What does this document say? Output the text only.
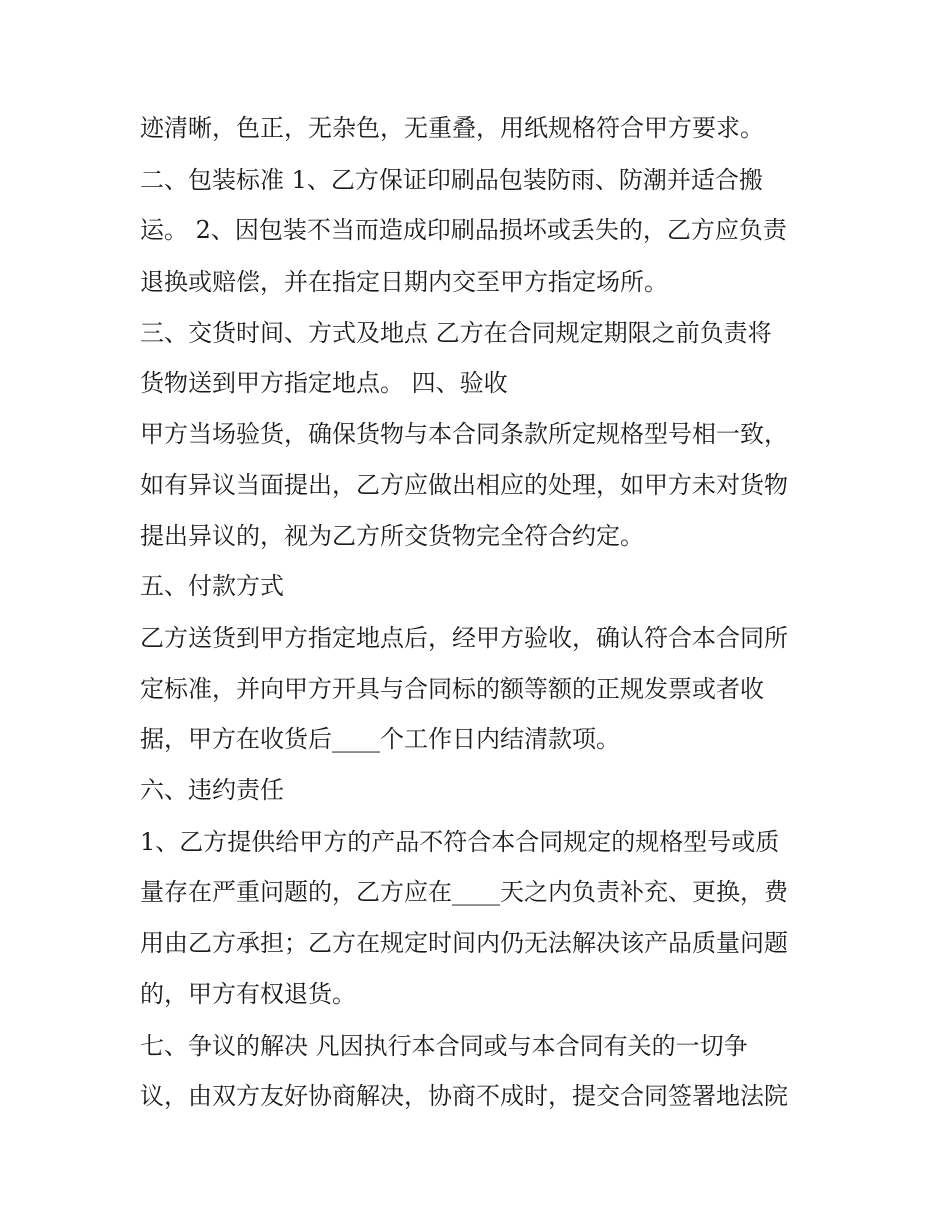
迹清晰，色正，无杂色，无重叠，用纸规格符合甲方要求。
二、包装标准 1、乙方保证印刷品包装防雨、防潮并适合搬
运。 2、因包装不当而造成印刷品损坏或丢失的，乙方应负责
退换或赔偿，并在指定日期内交至甲方指定场所。
三、交货时间、方式及地点 乙方在合同规定期限之前负责将
货物送到甲方指定地点。 四、验收
甲方当场验货，确保货物与本合同条款所定规格型号相一致，
如有异议当面提出，乙方应做出相应的处理，如甲方未对货物
提出异议的，视为乙方所交货物完全符合约定。
五、付款方式
乙方送货到甲方指定地点后，经甲方验收，确认符合本合同所
定标准，并向甲方开具与合同标的额等额的正规发票或者收
据，甲方在收货后____个工作日内结清款项。
六、违约责任
1、乙方提供给甲方的产品不符合本合同规定的规格型号或质
量存在严重问题的，乙方应在____天之内负责补充、更换，费
用由乙方承担；乙方在规定时间内仍无法解决该产品质量问题
的，甲方有权退货。
七、争议的解决 凡因执行本合同或与本合同有关的一切争
议，由双方友好协商解决，协商不成时，提交合同签署地法院
